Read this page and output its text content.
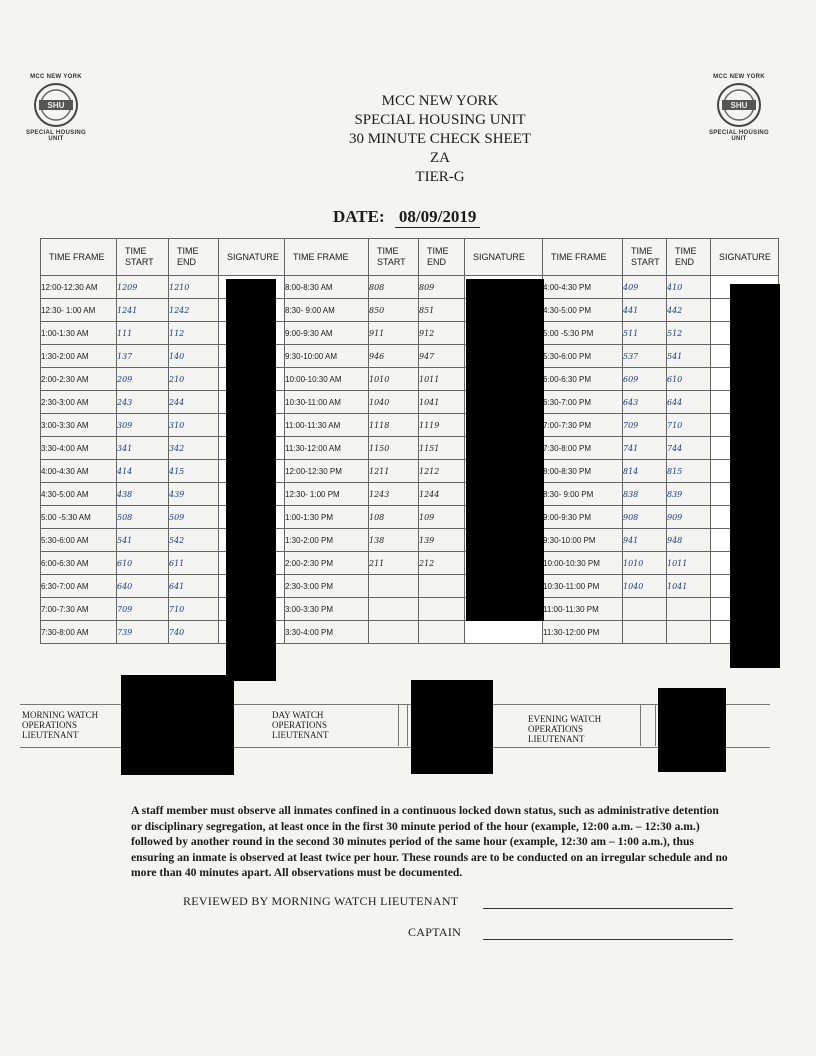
MCC NEW YORK
SHU
SPECIAL HOUSING UNIT
MCC NEW YORK
SHU
SPECIAL HOUSING UNIT
MCC NEW YORK
SPECIAL HOUSING UNIT
30 MINUTE CHECK SHEET
ZA
TIER-G
DATE: 08/09/2019
TIME FRAME	TIME START	TIME END	SIGNATURE	TIME FRAME	TIME START	TIME END	SIGNATURE	TIME FRAME	TIME START	TIME END	SIGNATURE
12:00-12:30 AM	1209	1210		8:00-8:30 AM	808	809		4:00-4:30 PM	409	410	
12:30- 1:00 AM	1241	1242		8:30- 9:00 AM	850	851		4:30-5:00 PM	441	442	
1:00-1:30 AM	111	112		9:00-9:30 AM	911	912		5:00 -5:30 PM	511	512	
1:30-2:00 AM	137	140		9:30-10:00 AM	946	947		5:30-6:00 PM	537	541	
2:00-2:30 AM	209	210		10:00-10:30 AM	1010	1011		6:00-6:30 PM	609	610	
2:30-3:00 AM	243	244		10:30-11:00 AM	1040	1041		6:30-7:00 PM	643	644	
3:00-3:30 AM	309	310		11:00-11:30 AM	1118	1119		7:00-7:30 PM	709	710	
3:30-4:00 AM	341	342		11:30-12:00 AM	1150	1151		7:30-8:00 PM	741	744	
4:00-4:30 AM	414	415		12:00-12:30 PM	1211	1212		8:00-8:30 PM	814	815	
4:30-5:00 AM	438	439		12:30- 1:00 PM	1243	1244		8:30- 9:00 PM	838	839	
5:00 -5:30 AM	508	509		1:00-1:30 PM	108	109		9:00-9:30 PM	908	909	
5:30-6:00 AM	541	542		1:30-2:00 PM	138	139		9:30-10:00 PM	941	948	
6:00-6:30 AM	610	611		2:00-2:30 PM	211	212		10:00-10:30 PM	1010	1011	
6:30-7:00 AM	640	641		2:30-3:00 PM				10:30-11:00 PM	1040	1041	
7:00-7:30 AM	709	710		3:00-3:30 PM				11:00-11:30 PM			
7:30-8:00 AM	739	740		3:30-4:00 PM				11:30-12:00 PM			
MORNING WATCH OPERATIONS LIEUTENANT
DAY WATCH OPERATIONS LIEUTENANT
EVENING WATCH OPERATIONS LIEUTENANT
A staff member must observe all inmates confined in a continuous locked down status, such as administrative detention or disciplinary segregation, at least once in the first 30 minute period of the hour (example, 12:00 a.m. – 12:30 a.m.) followed by another round in the second 30 minutes period of the same hour (example, 12:30 am – 1:00 a.m.), thus ensuring an inmate is observed at least twice per hour. These rounds are to be conducted on an irregular schedule and no more than 40 minutes apart. All observations must be documented.
REVIEWED BY MORNING WATCH LIEUTENANT
CAPTAIN
